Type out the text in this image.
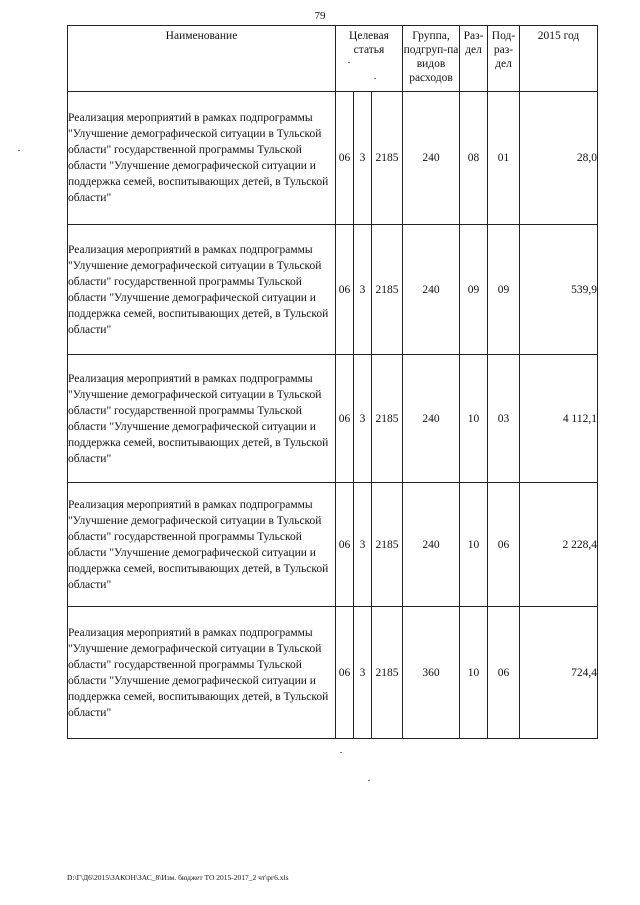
79
Наименование	Целевая статья			Группа, подгруп-па видов расходов	Раз-дел	Под-раз-дел	2015 год
Реализация мероприятий в рамках подпрограммы "Улучшение демографической ситуации в Тульской области" государственной программы Тульской области "Улучшение демографической ситуации и поддержка семей, воспитывающих детей, в Тульской области"	06	3	2185	240	08	01	28,0
Реализация мероприятий в рамках подпрограммы "Улучшение демографической ситуации в Тульской области" государственной программы Тульской области "Улучшение демографической ситуации и поддержка семей, воспитывающих детей, в Тульской области"	06	3	2185	240	09	09	539,9
Реализация мероприятий в рамках подпрограммы "Улучшение демографической ситуации в Тульской области" государственной программы Тульской области "Улучшение демографической ситуации и поддержка семей, воспитывающих детей, в Тульской области"	06	3	2185	240	10	03	4 112,1
Реализация мероприятий в рамках подпрограммы "Улучшение демографической ситуации в Тульской области" государственной программы Тульской области "Улучшение демографической ситуации и поддержка семей, воспитывающих детей, в Тульской области"	06	3	2185	240	10	06	2 228,4
Реализация мероприятий в рамках подпрограммы "Улучшение демографической ситуации в Тульской области" государственной программы Тульской области "Улучшение демографической ситуации и поддержка семей, воспитывающих детей, в Тульской области"	06	3	2185	360	10	06	724,4
D:\Г\Д6\2015\ЗАКОН\ЗАС_8\Изм. бюджет ТО 2015-2017_2 чт\рг6.xls
